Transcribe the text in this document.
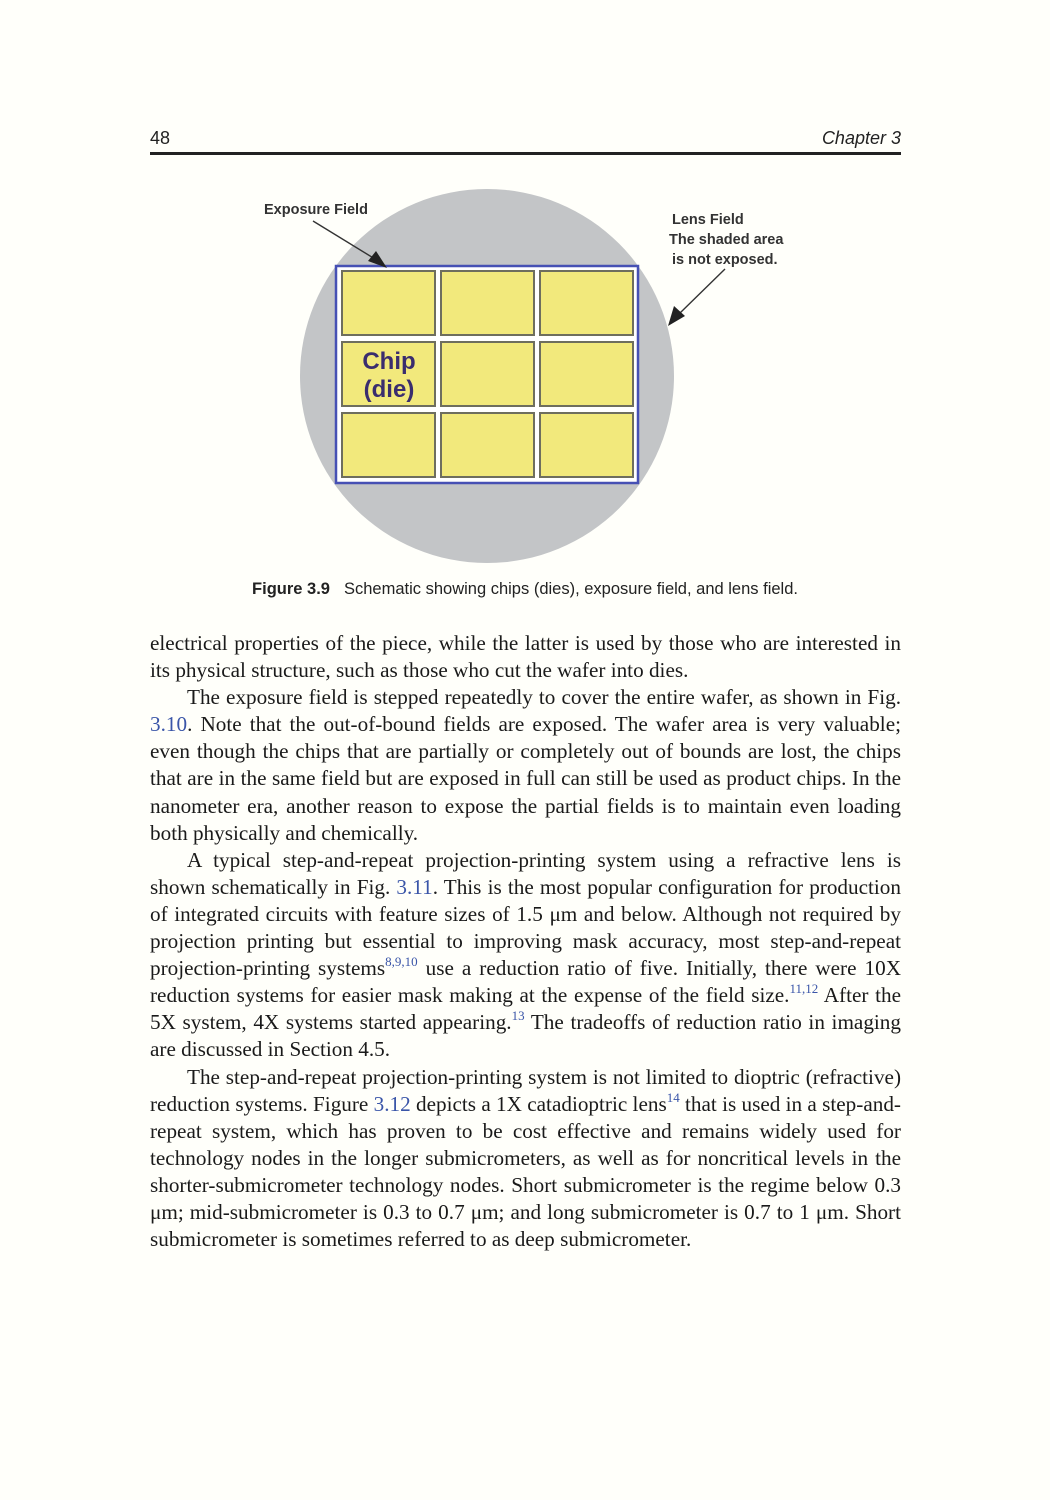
48	Chapter 3
Chip
(die)
Exposure Field
Lens Field
The shaded area
is not exposed.
Figure 3.9 Schematic showing chips (dies), exposure field, and lens field.

electrical properties of the piece, while the latter is used by those who are interested in its physical structure, such as those who cut the wafer into dies.

The exposure field is stepped repeatedly to cover the entire wafer, as shown in Fig. 3.10. Note that the out-of-bound fields are exposed. The wafer area is very valuable; even though the chips that are partially or completely out of bounds are lost, the chips that are in the same field but are exposed in full can still be used as product chips. In the nanometer era, another reason to expose the partial fields is to maintain even loading both physically and chemically.

A typical step-and-repeat projection-printing system using a refractive lens is shown schematically in Fig. 3.11. This is the most popular configuration for production of integrated circuits with feature sizes of 1.5 μm and below. Although not required by projection printing but essential to improving mask accuracy, most step-and-repeat projection-printing systems$^{8,9,10}$ use a reduction ratio of five. Initially, there were 10X reduction systems for easier mask making at the expense of the field size.$^{11,12}$ After the 5X system, 4X systems started appearing.$^{13}$ The tradeoffs of reduction ratio in imaging are discussed in Section 4.5.

The step-and-repeat projection-printing system is not limited to dioptric (refractive) reduction systems. Figure 3.12 depicts a 1X catadioptric lens$^{14}$ that is used in a step-and-repeat system, which has proven to be cost effective and remains widely used for technology nodes in the longer submicrometers, as well as for noncritical levels in the shorter-submicrometer technology nodes. Short submicrometer is the regime below 0.3 μm; mid-submicrometer is 0.3 to 0.7 μm; and long submicrometer is 0.7 to 1 μm. Short submicrometer is sometimes referred to as deep submicrometer.
